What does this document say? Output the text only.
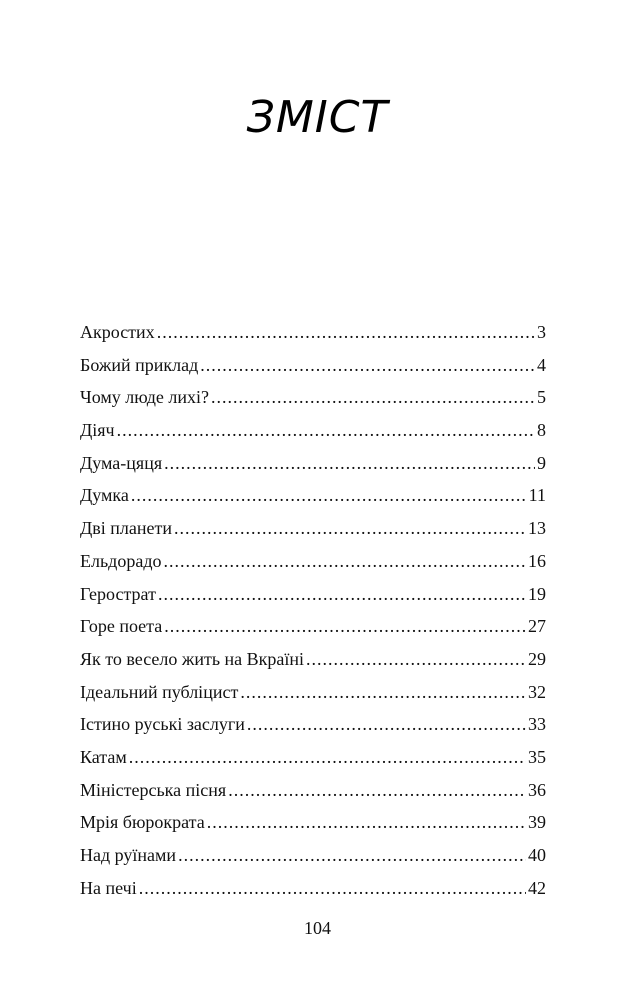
ЗМІСТ
Акростих .....	3
Божий приклад .....	4
Чому люде лихі? .....	5
Діяч .....	8
Дума-цяця .....	9
Думка .....	11
Дві планети .....	13
Ельдорадо .....	16
Герострат .....	19
Горе поета .....	27
Як то весело жить на Вкраїні .....	29
Ідеальний публіцист .....	32
Істино руські заслуги .....	33
Катам .....	35
Міністерська пісня .....	36
Мрія бюрократа .....	39
Над руїнами .....	40
На печі .....	42
104
